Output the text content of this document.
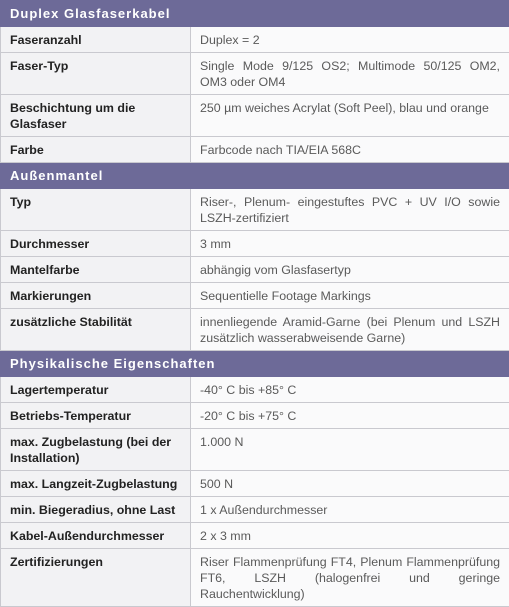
Duplex Glasfaserkabel	
Faseranzahl	Duplex = 2
Faser-Typ	Single Mode 9/125 OS2; Multimode 50/125 OM2, OM3 oder OM4
Beschichtung um die Glasfaser	250 µm weiches Acrylat (Soft Peel), blau und orange
Farbe	Farbcode nach TIA/EIA 568C
Außenmantel	
Typ	Riser-, Plenum- eingestuftes PVC + UV I/O sowie LSZH-zertifiziert
Durchmesser	3 mm
Mantelfarbe	abhängig vom Glasfasertyp
Markierungen	Sequentielle Footage Markings
zusätzliche Stabilität	innenliegende Aramid-Garne (bei Plenum und LSZH zusätzlich wasserabweisende Garne)
Physikalische Eigenschaften	
Lagertemperatur	-40° C bis +85° C
Betriebs-Temperatur	-20° C bis +75° C
max. Zugbelastung (bei der Installation)	1.000 N
max. Langzeit-Zugbelastung	500 N
min. Biegeradius, ohne Last	1 x Außendurchmesser
Kabel-Außendurchmesser	2 x 3 mm
Zertifizierungen	Riser Flammenprüfung FT4, Plenum Flammenprüfung FT6, LSZH (halogenfrei und geringe Rauchentwicklung)
